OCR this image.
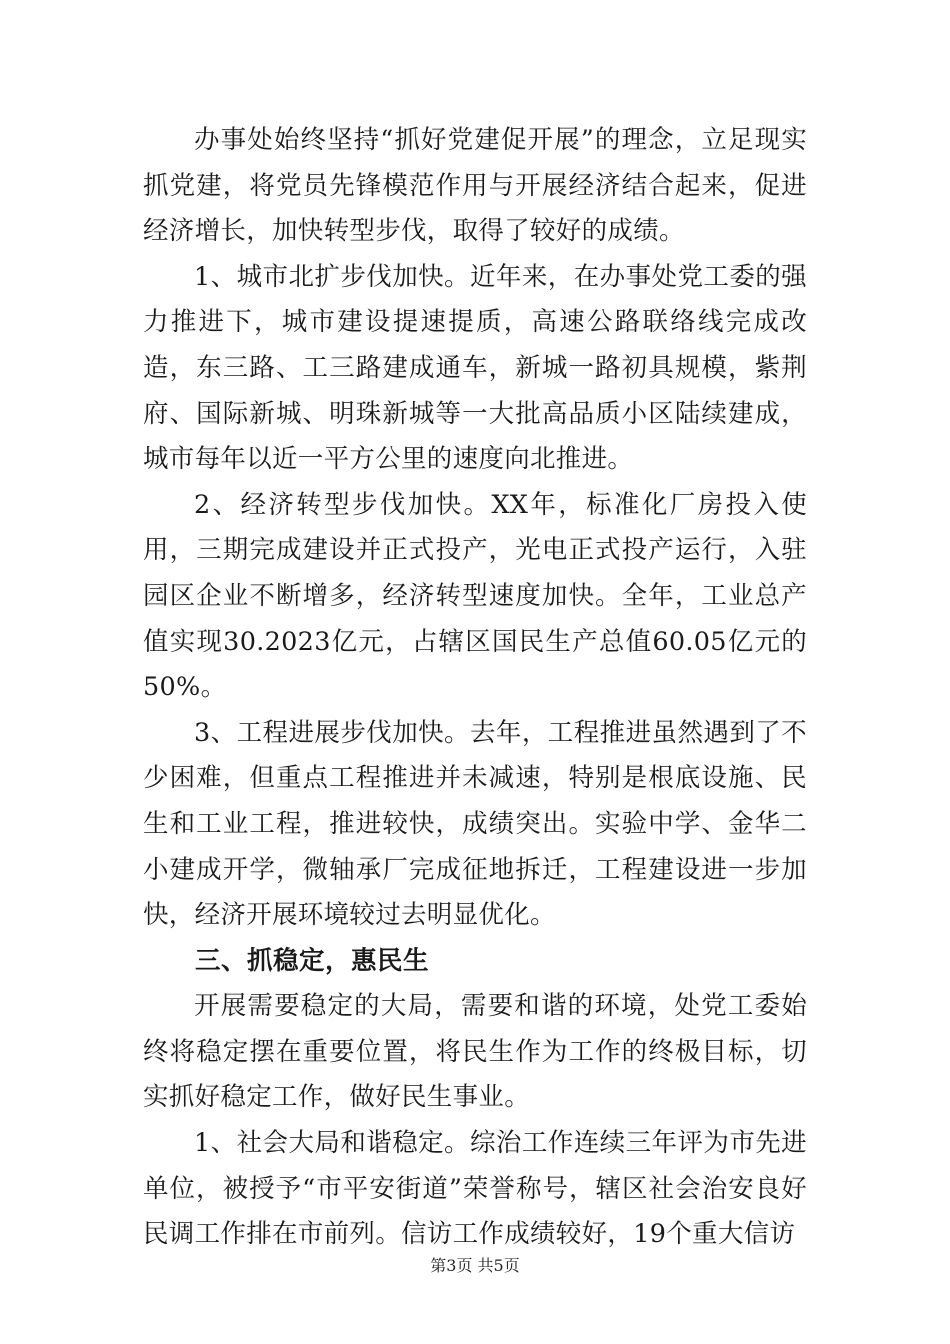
办事处始终坚持“抓好党建促开展”的理念，立足现实抓党建，将党员先锋模范作用与开展经济结合起来，促进经济增长，加快转型步伐，取得了较好的成绩。

1、城市北扩步伐加快。近年来，在办事处党工委的强力推进下，城市建设提速提质，高速公路联络线完成改造，东三路、工三路建成通车，新城一路初具规模，紫荆府、国际新城、明珠新城等一大批高品质小区陆续建成，城市每年以近一平方公里的速度向北推进。

2、经济转型步伐加快。XX年，标准化厂房投入使用，三期完成建设并正式投产，光电正式投产运行，入驻园区企业不断增多，经济转型速度加快。全年，工业总产值实现30.2023亿元，占辖区国民生产总值60.05亿元的50%。

3、工程进展步伐加快。去年，工程推进虽然遇到了不少困难，但重点工程推进并未减速，特别是根底设施、民生和工业工程，推进较快，成绩突出。实验中学、金华二小建成开学，微轴承厂完成征地拆迁，工程建设进一步加快，经济开展环境较过去明显优化。

三、抓稳定，惠民生

开展需要稳定的大局，需要和谐的环境，处党工委始终将稳定摆在重要位置，将民生作为工作的终极目标，切实抓好稳定工作，做好民生事业。

1、社会大局和谐稳定。综治工作连续三年评为市先进单位，被授予“市平安街道”荣誉称号，辖区社会治安良好民调工作排在市前列。信访工作成绩较好，19个重大信访

第3页 共5页
